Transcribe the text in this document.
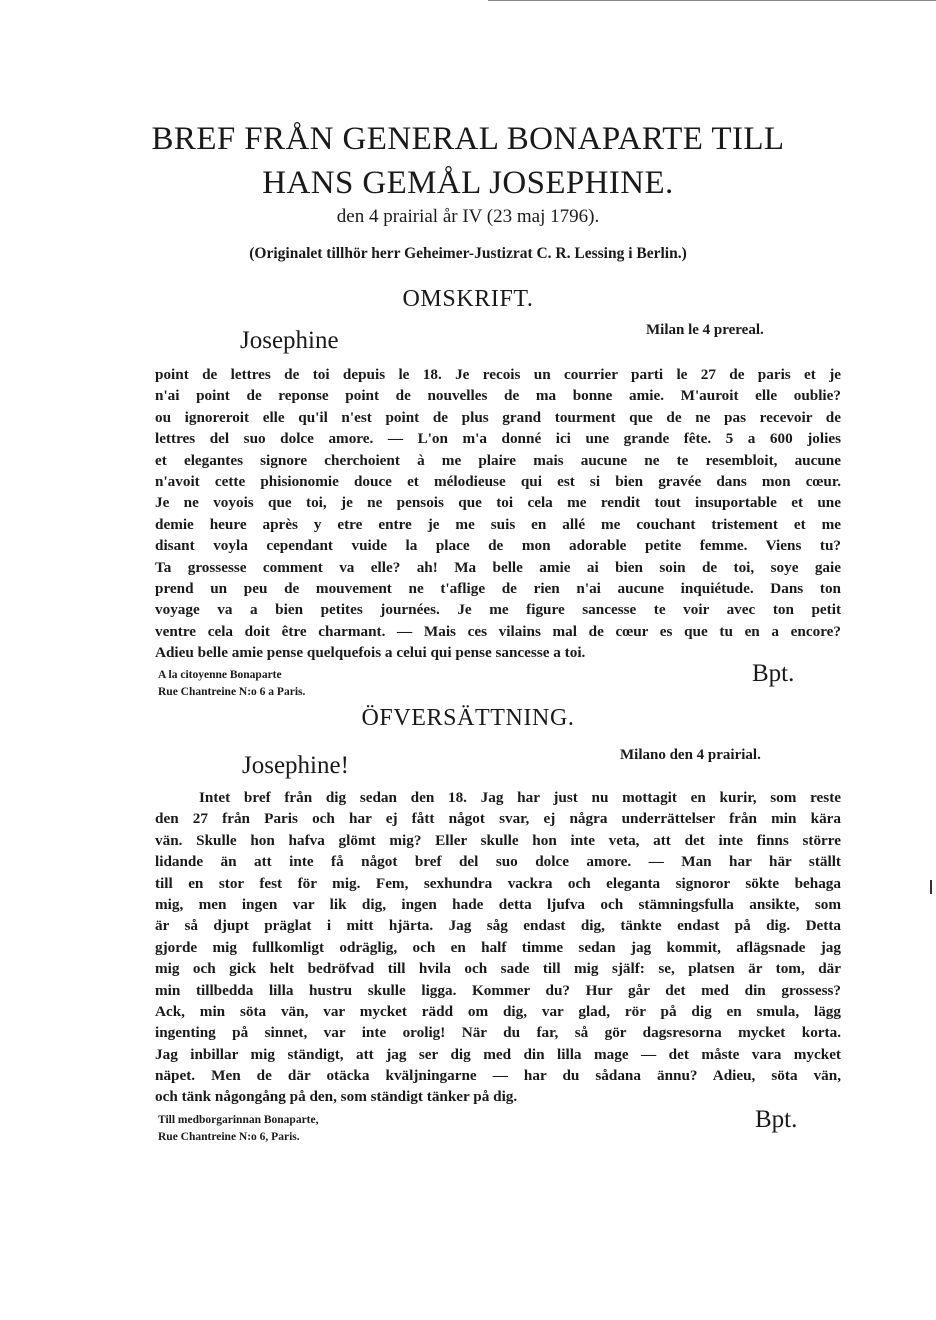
BREF FRÅN GENERAL BONAPARTE TILL
HANS GEMÅL JOSEPHINE.
den 4 prairial år IV (23 maj 1796).
(Originalet tillhör herr Geheimer-Justizrat C. R. Lessing i Berlin.)
OMSKRIFT.
Josephine	Milan le 4 prereal.
point de lettres de toi depuis le 18. Je recois un courrier parti le 27 de paris et je
n'ai point de reponse point de nouvelles de ma bonne amie. M'auroit elle oublie?
ou ignoreroit elle qu'il n'est point de plus grand tourment que de ne pas recevoir de
lettres del suo dolce amore. — L'on m'a donné ici une grande fête. 5 a 600 jolies
et elegantes signore cherchoient à me plaire mais aucune ne te resembloit, aucune
n'avoit cette phisionomie douce et mélodieuse qui est si bien gravée dans mon cœur.
Je ne voyois que toi, je ne pensois que toi cela me rendit tout insuportable et une
demie heure après y etre entre je me suis en allé me couchant tristement et me
disant voyla cependant vuide la place de mon adorable petite femme. Viens tu?
Ta grossesse comment va elle? ah! Ma belle amie ai bien soin de toi, soye gaie
prend un peu de mouvement ne t'aflige de rien n'ai aucune inquiétude. Dans ton
voyage va a bien petites journées. Je me figure sancesse te voir avec ton petit
ventre cela doit être charmant. — Mais ces vilains mal de cœur es que tu en a encore?
Adieu belle amie pense quelquefois a celui qui pense sancesse a toi.
A la citoyenne Bonaparte
Rue Chantreine N:o 6 a Paris.
Bpt.
ÖFVERSÄTTNING.
Josephine!	Milano den 4 prairial.
Intet bref från dig sedan den 18. Jag har just nu mottagit en kurir, som reste
den 27 från Paris och har ej fått något svar, ej några underrättelser från min kära
vän. Skulle hon hafva glömt mig? Eller skulle hon inte veta, att det inte finns större
lidande än att inte få något bref del suo dolce amore. — Man har här ställt
till en stor fest för mig. Fem, sexhundra vackra och eleganta signoror sökte behaga
mig, men ingen var lik dig, ingen hade detta ljufva och stämningsfulla ansikte, som
är så djupt präglat i mitt hjärta. Jag såg endast dig, tänkte endast på dig. Detta
gjorde mig fullkomligt odräglig, och en half timme sedan jag kommit, aflägsnade jag
mig och gick helt bedröfvad till hvila och sade till mig själf: se, platsen är tom, där
min tillbedda lilla hustru skulle ligga. Kommer du? Hur går det med din grossess?
Ack, min söta vän, var mycket rädd om dig, var glad, rör på dig en smula, lägg
ingenting på sinnet, var inte orolig! När du far, så gör dagsresorna mycket korta.
Jag inbillar mig ständigt, att jag ser dig med din lilla mage — det måste vara mycket
näpet. Men de där otäcka kväljningarne — har du sådana ännu? Adieu, söta vän,
och tänk någongång på den, som ständigt tänker på dig.
Till medborgarinnan Bonaparte,
Rue Chantreine N:o 6, Paris.
Bpt.
